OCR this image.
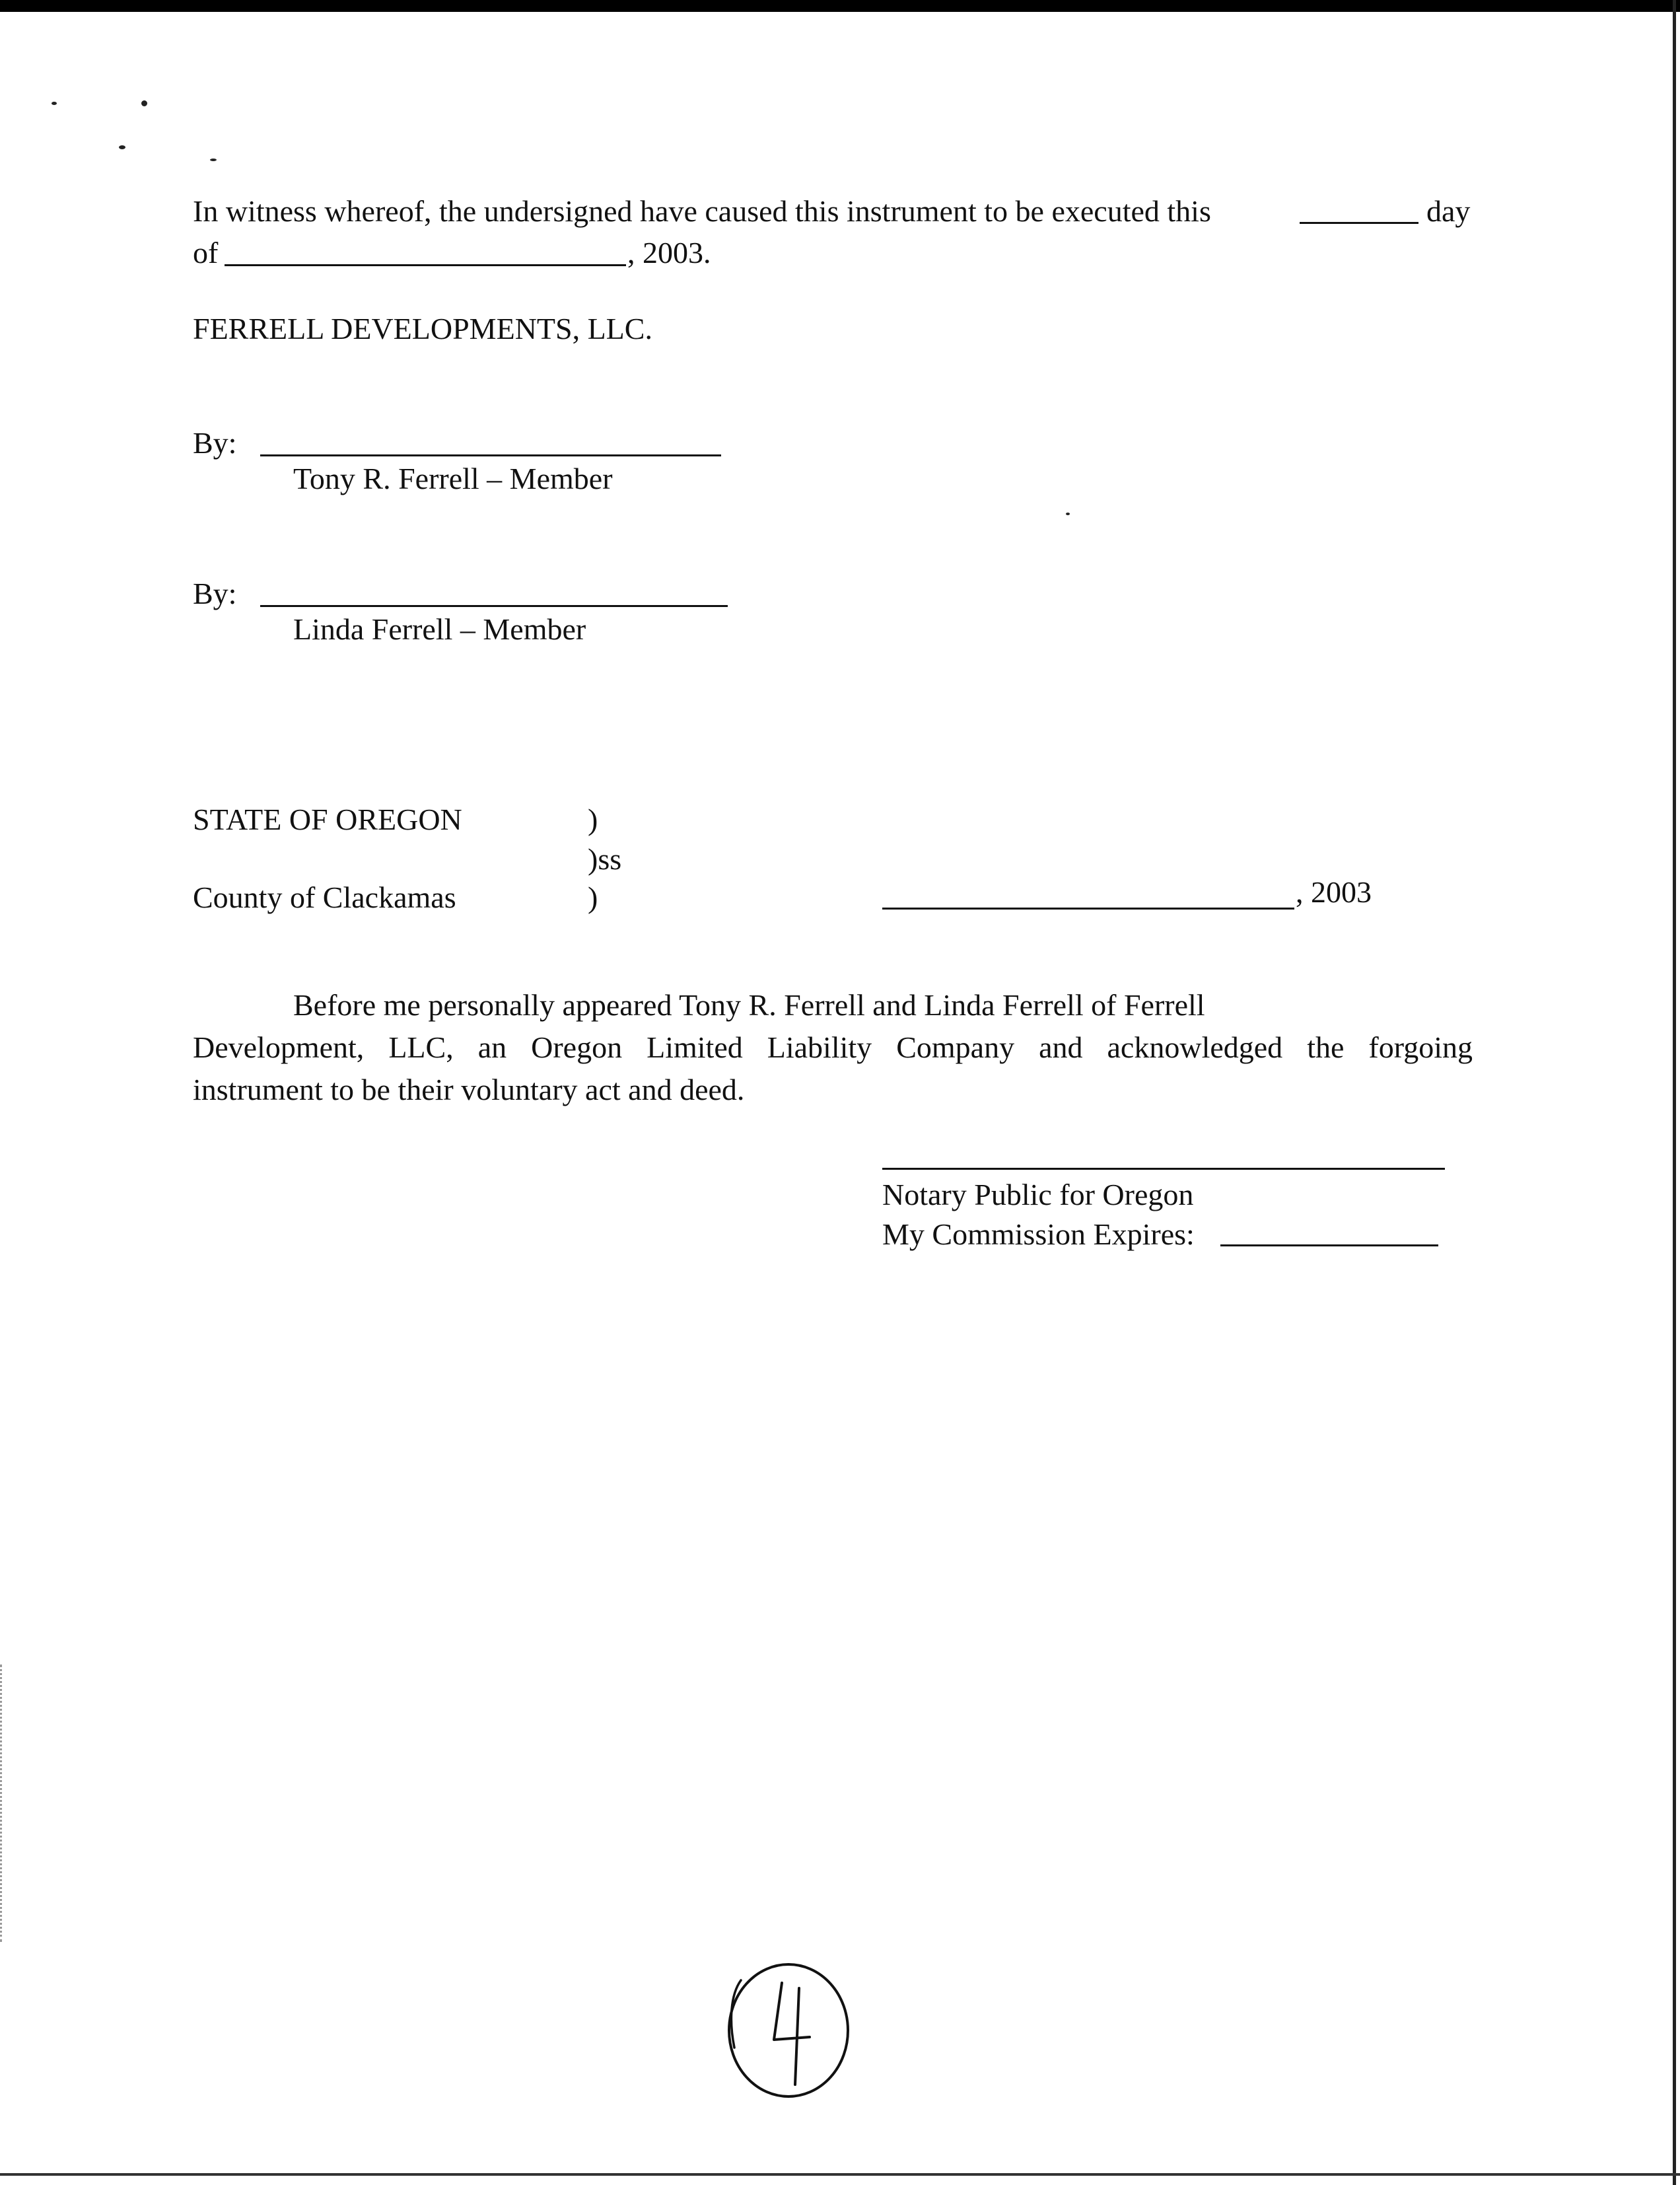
In witness whereof, the undersigned have caused this instrument to be executed this	day
of	, 2003.
FERRELL DEVELOPMENTS, LLC.
By:
Tony R. Ferrell – Member
By:
Linda Ferrell – Member
STATE OF OREGON	)
)ss
County of Clackamas	)	, 2003
Before me personally appeared Tony R. Ferrell and Linda Ferrell of Ferrell
Development, LLC, an Oregon Limited Liability Company and acknowledged the forgoing
instrument to be their voluntary act and deed.
Notary Public for Oregon
My Commission Expires:
